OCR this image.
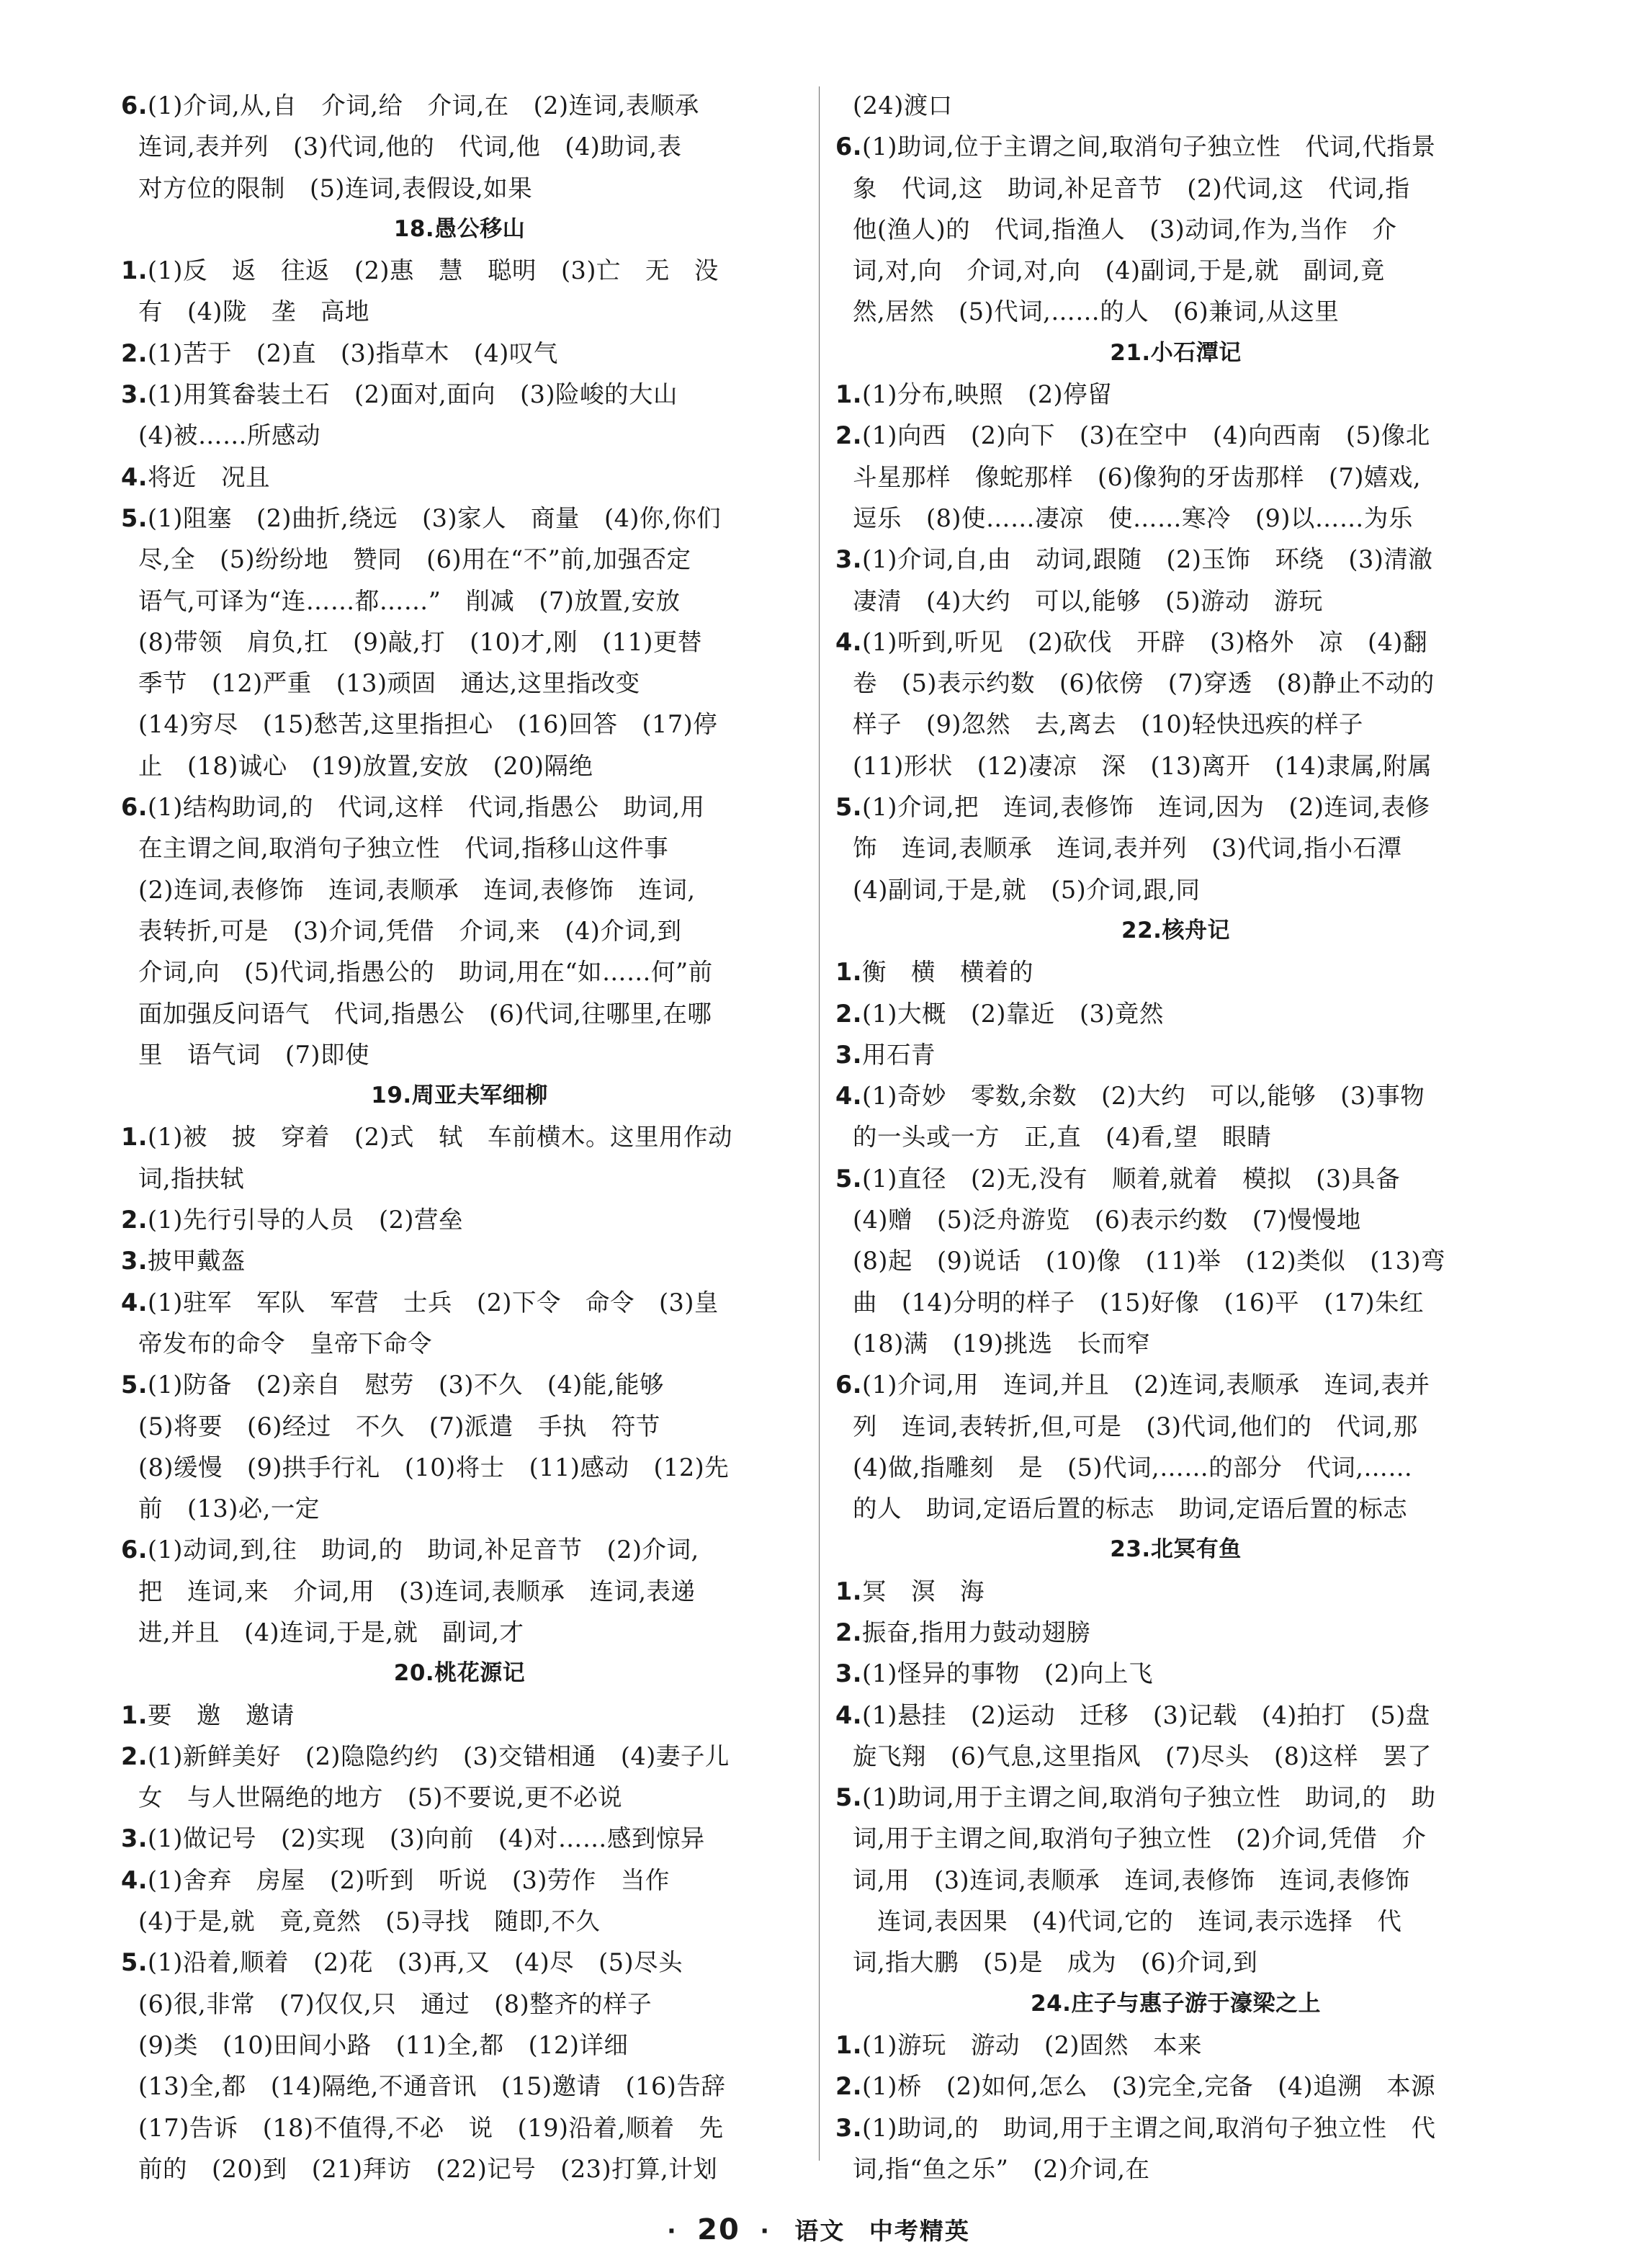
6.(1)介词,从,自　介词,给　介词,在　(2)连词,表顺承
连词,表并列　(3)代词,他的　代词,他　(4)助词,表
对方位的限制　(5)连词,表假设,如果
18.愚公移山
1.(1)反　返　往返　(2)惠　慧　聪明　(3)亡　无　没
有　(4)陇　垄　高地
2.(1)苦于　(2)直　(3)指草木　(4)叹气
3.(1)用箕畚装土石　(2)面对,面向　(3)险峻的大山
(4)被……所感动
4.将近　况且
5.(1)阻塞　(2)曲折,绕远　(3)家人　商量　(4)你,你们
尽,全　(5)纷纷地　赞同　(6)用在“不”前,加强否定
语气,可译为“连……都……”　削减　(7)放置,安放
(8)带领　肩负,扛　(9)敲,打　(10)才,刚　(11)更替
季节　(12)严重　(13)顽固　通达,这里指改变
(14)穷尽　(15)愁苦,这里指担心　(16)回答　(17)停
止　(18)诚心　(19)放置,安放　(20)隔绝
6.(1)结构助词,的　代词,这样　代词,指愚公　助词,用
在主谓之间,取消句子独立性　代词,指移山这件事
(2)连词,表修饰　连词,表顺承　连词,表修饰　连词,
表转折,可是　(3)介词,凭借　介词,来　(4)介词,到
介词,向　(5)代词,指愚公的　助词,用在“如……何”前
面加强反问语气　代词,指愚公　(6)代词,往哪里,在哪
里　语气词　(7)即使
19.周亚夫军细柳
1.(1)被　披　穿着　(2)式　轼　车前横木。这里用作动
词,指扶轼
2.(1)先行引导的人员　(2)营垒
3.披甲戴盔
4.(1)驻军　军队　军营　士兵　(2)下令　命令　(3)皇
帝发布的命令　皇帝下命令
5.(1)防备　(2)亲自　慰劳　(3)不久　(4)能,能够
(5)将要　(6)经过　不久　(7)派遣　手执　符节
(8)缓慢　(9)拱手行礼　(10)将士　(11)感动　(12)先
前　(13)必,一定
6.(1)动词,到,往　助词,的　助词,补足音节　(2)介词,
把　连词,来　介词,用　(3)连词,表顺承　连词,表递
进,并且　(4)连词,于是,就　副词,才
20.桃花源记
1.要　邀　邀请
2.(1)新鲜美好　(2)隐隐约约　(3)交错相通　(4)妻子儿
女　与人世隔绝的地方　(5)不要说,更不必说
3.(1)做记号　(2)实现　(3)向前　(4)对……感到惊异
4.(1)舍弃　房屋　(2)听到　听说　(3)劳作　当作
(4)于是,就　竟,竟然　(5)寻找　随即,不久
5.(1)沿着,顺着　(2)花　(3)再,又　(4)尽　(5)尽头
(6)很,非常　(7)仅仅,只　通过　(8)整齐的样子
(9)类　(10)田间小路　(11)全,都　(12)详细
(13)全,都　(14)隔绝,不通音讯　(15)邀请　(16)告辞
(17)告诉　(18)不值得,不必　说　(19)沿着,顺着　先
前的　(20)到　(21)拜访　(22)记号　(23)打算,计划
(24)渡口
6.(1)助词,位于主谓之间,取消句子独立性　代词,代指景
象　代词,这　助词,补足音节　(2)代词,这　代词,指
他(渔人)的　代词,指渔人　(3)动词,作为,当作　介
词,对,向　介词,对,向　(4)副词,于是,就　副词,竟
然,居然　(5)代词,……的人　(6)兼词,从这里
21.小石潭记
1.(1)分布,映照　(2)停留
2.(1)向西　(2)向下　(3)在空中　(4)向西南　(5)像北
斗星那样　像蛇那样　(6)像狗的牙齿那样　(7)嬉戏,
逗乐　(8)使……凄凉　使……寒冷　(9)以……为乐
3.(1)介词,自,由　动词,跟随　(2)玉饰　环绕　(3)清澈
凄清　(4)大约　可以,能够　(5)游动　游玩
4.(1)听到,听见　(2)砍伐　开辟　(3)格外　凉　(4)翻
卷　(5)表示约数　(6)依傍　(7)穿透　(8)静止不动的
样子　(9)忽然　去,离去　(10)轻快迅疾的样子
(11)形状　(12)凄凉　深　(13)离开　(14)隶属,附属
5.(1)介词,把　连词,表修饰　连词,因为　(2)连词,表修
饰　连词,表顺承　连词,表并列　(3)代词,指小石潭
(4)副词,于是,就　(5)介词,跟,同
22.核舟记
1.衡　横　横着的
2.(1)大概　(2)靠近　(3)竟然
3.用石青
4.(1)奇妙　零数,余数　(2)大约　可以,能够　(3)事物
的一头或一方　正,直　(4)看,望　眼睛
5.(1)直径　(2)无,没有　顺着,就着　模拟　(3)具备
(4)赠　(5)泛舟游览　(6)表示约数　(7)慢慢地
(8)起　(9)说话　(10)像　(11)举　(12)类似　(13)弯
曲　(14)分明的样子　(15)好像　(16)平　(17)朱红
(18)满　(19)挑选　长而窄
6.(1)介词,用　连词,并且　(2)连词,表顺承　连词,表并
列　连词,表转折,但,可是　(3)代词,他们的　代词,那
(4)做,指雕刻　是　(5)代词,……的部分　代词,……
的人　助词,定语后置的标志　助词,定语后置的标志
23.北冥有鱼
1.冥　溟　海
2.振奋,指用力鼓动翅膀
3.(1)怪异的事物　(2)向上飞
4.(1)悬挂　(2)运动　迁移　(3)记载　(4)拍打　(5)盘
旋飞翔　(6)气息,这里指风　(7)尽头　(8)这样　罢了
5.(1)助词,用于主谓之间,取消句子独立性　助词,的　助
词,用于主谓之间,取消句子独立性　(2)介词,凭借　介
词,用　(3)连词,表顺承　连词,表修饰　连词,表修饰
　连词,表因果　(4)代词,它的　连词,表示选择　代
词,指大鹏　(5)是　成为　(6)介词,到
24.庄子与惠子游于濠梁之上
1.(1)游玩　游动　(2)固然　本来
2.(1)桥　(2)如何,怎么　(3)完全,完备　(4)追溯　本源
3.(1)助词,的　助词,用于主谓之间,取消句子独立性　代
词,指“鱼之乐”　(2)介词,在
· 20 · 语文 中考精英
